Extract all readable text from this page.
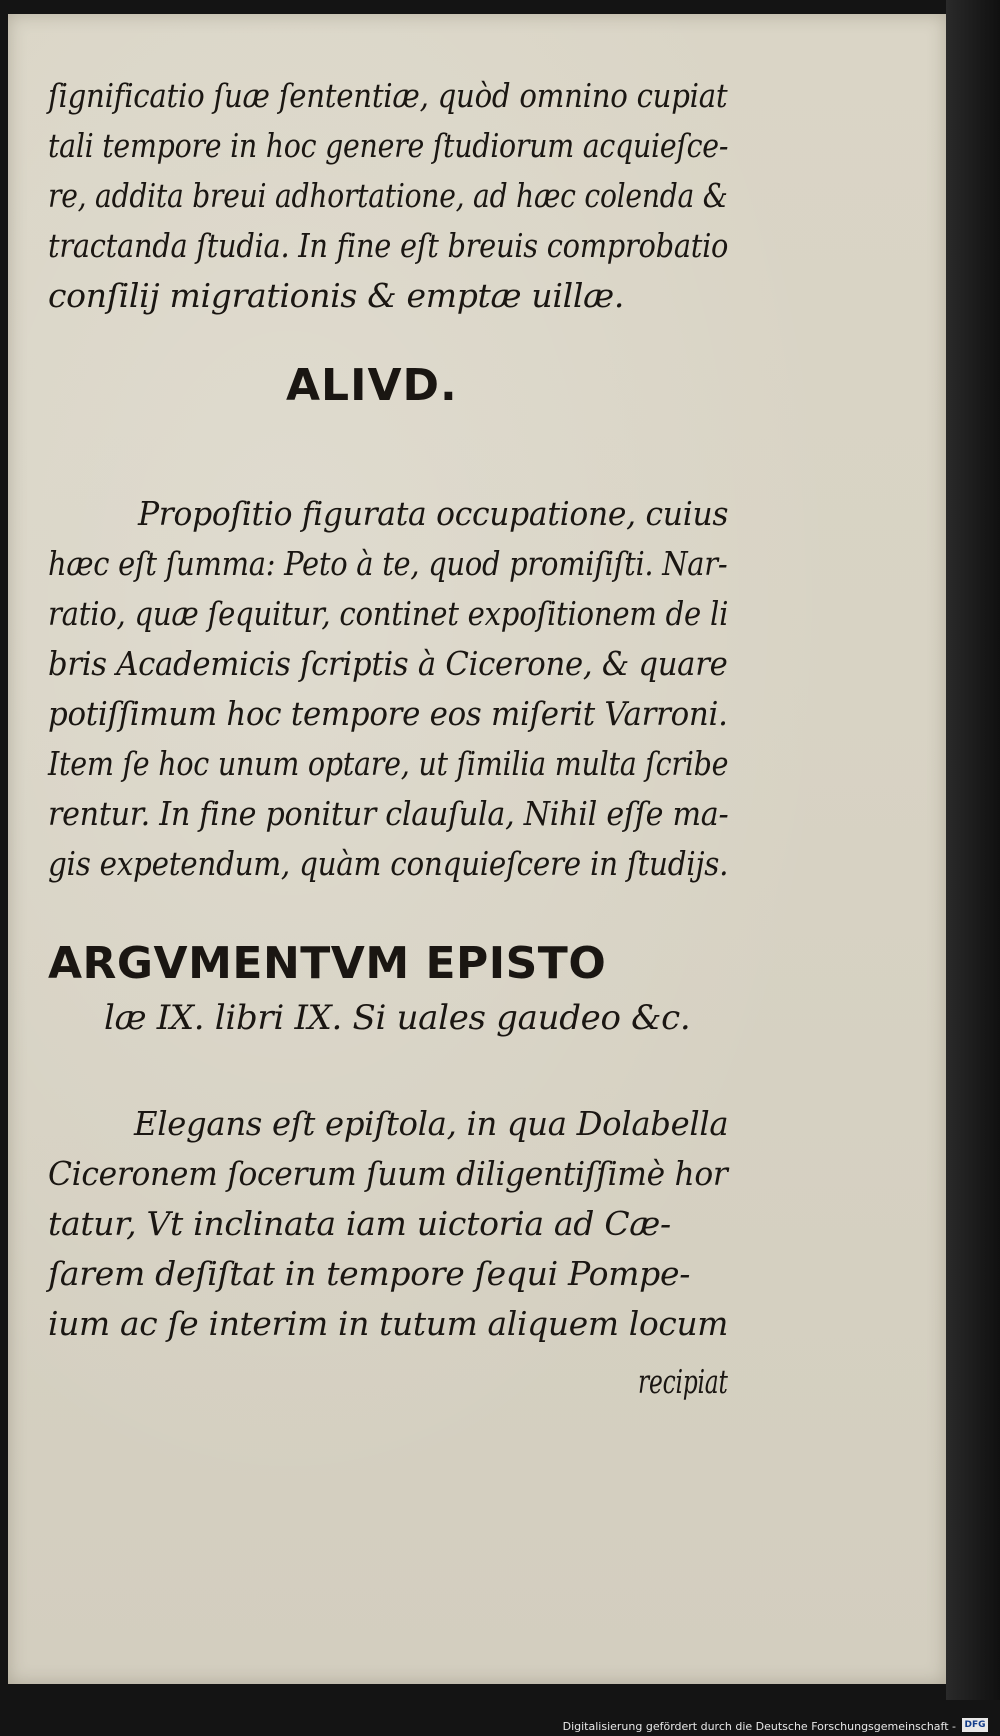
ſignificatio ſuæ ſententiæ, quòd omnino cupiat
tali tempore in hoc genere ſtudiorum acquieſce-
re, addita breui adhortatione, ad hæc colenda &
tractanda ſtudia. In fine eſt breuis comprobatio
conſilij migrationis & emptæ uillæ.
ALIVD.
Propoſitio figurata occupatione, cuius
hæc eſt ſumma: Peto à te, quod promiſiſti. Nar-
ratio, quæ ſequitur, continet expoſitionem de li
bris Academicis ſcriptis à Cicerone, & quare
potiſſimum hoc tempore eos miſerit Varroni.
Item ſe hoc unum optare, ut ſimilia multa ſcribe
rentur. In fine ponitur clauſula, Nihil eſſe ma-
gis expetendum, quàm conquieſcere in ſtudijs.
ARGVMENTVM EPISTO
læ IX. libri IX. Si uales gaudeo &c.
Elegans eſt epiſtola, in qua Dolabella
Ciceronem ſocerum ſuum diligentiſſimè hor
tatur, Vt inclinata iam uictoria ad Cæ-
ſarem deſiſtat in tempore ſequi Pompe-
ium ac ſe interim in tutum aliquem locum
recipiat
Digitalisierung gefördert durch die Deutsche Forschungsgemeinschaft - DFG
